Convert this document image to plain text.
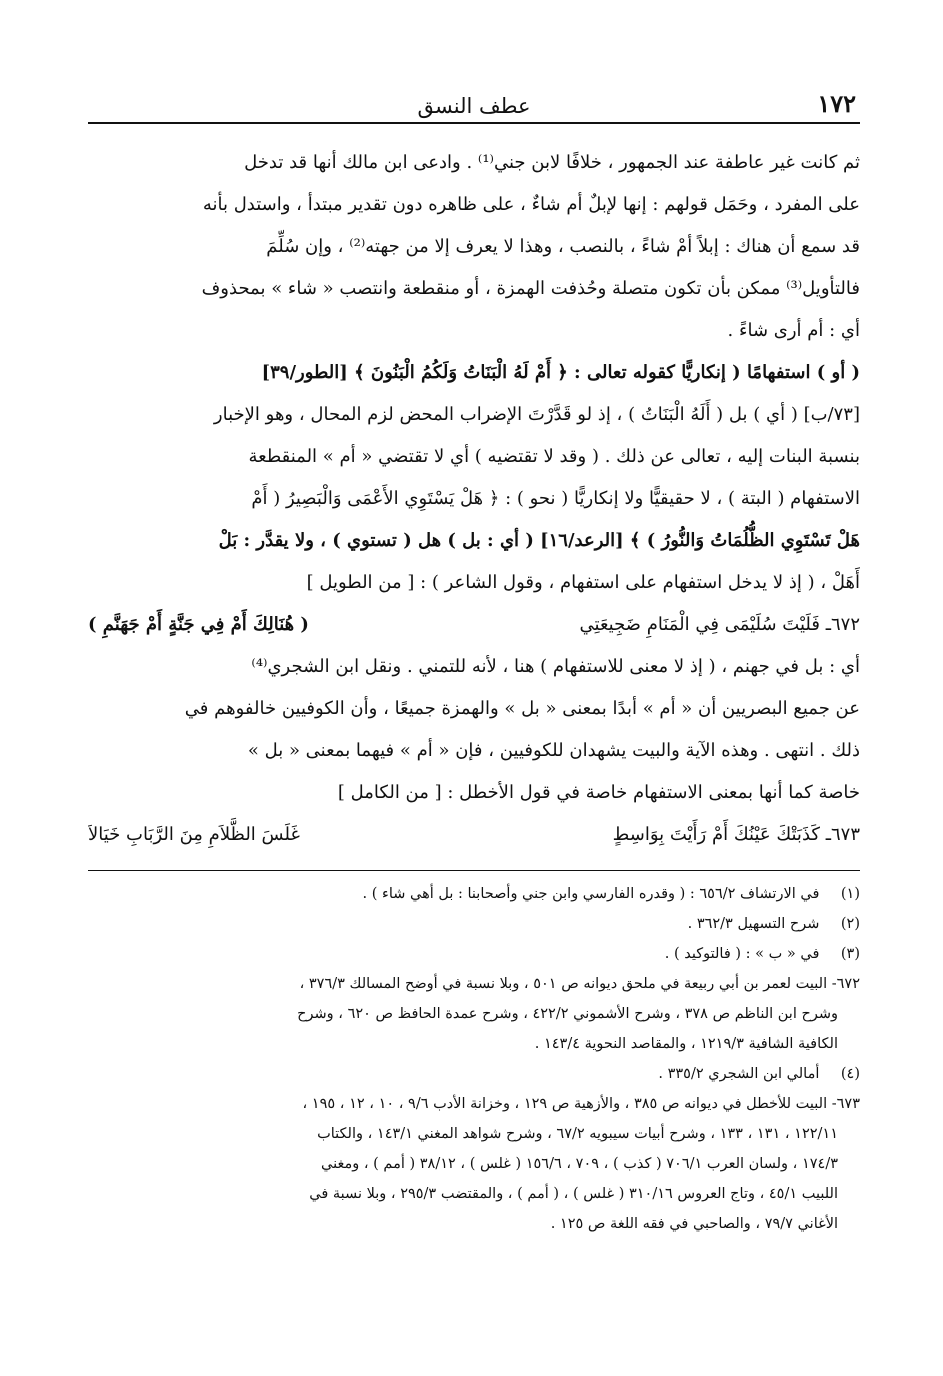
١٧٢
عطف النسق
ثم كانت غير عاطفة عند الجمهور ، خلافًا لابن جني⁽¹⁾ . وادعى ابن مالك أنها قد تدخل
على المفرد ، وحَمَل قولهم : إنها لإبلٌ أم شاءٌ ، على ظاهره دون تقدير مبتدأ ، واستدل بأنه
قد سمع أن هناك : إبلاً أمْ شاءً ، بالنصب ، وهذا لا يعرف إلا من جهته⁽²⁾ ، وإن سُلِّمَ
فالتأويل⁽³⁾ ممكن بأن تكون متصلة وحُذفت الهمزة ، أو منقطعة وانتصب « شاء » بمحذوف
أي : أم أرى شاءً .
( أو ) استفهامًا ( إنكاريًّا كقوله تعالى : ﴿ أَمْ لَهُ الْبَنَاتُ وَلَكُمُ الْبَنُونَ ﴾ [الطور/٣٩]
[٧٣/ب] ( أي ) بل ( أَلَهُ الْبَنَاتُ ) ، إذ لو قَدَّرْتَ الإضراب المحض لزم المحال ، وهو الإخبار
بنسبة البنات إليه ، تعالى عن ذلك . ( وقد لا تقتضيه ) أي لا تقتضي « أم » المنقطعة
الاستفهام ( البتة ) ، لا حقيقيًّا ولا إنكاريًّا ( نحو ) : ﴿ هَلْ يَسْتَوِي الأَعْمَى وَالْبَصِيرُ ( أَمْ
هَلْ تَسْتَوِي الظُّلُمَاتُ وَالنُّورُ ) ﴾ [الرعد/١٦] ( أي : بل ) هل ( تستوي ) ، ولا يقدَّر : بَلْ
أَهَلْ ، ( إذ لا يدخل استفهام على استفهام ، وقول الشاعر ) : [ من الطويل ]
٦٧٢ـ فَلَيْتَ سُلَيْمَى فِي الْمَنَامِ ضَجِيعَتِي
( هُنَالِكَ أَمْ فِي جَنَّةٍ أَمْ جَهَنَّمِ )
أي : بل في جهنم ، ( إذ لا معنى للاستفهام ) هنا ، لأنه للتمني . ونقل ابن الشجري⁽⁴⁾
عن جميع البصريين أن « أم » أبدًا بمعنى « بل » والهمزة جميعًا ، وأن الكوفيين خالفوهم في
ذلك . انتهى . وهذه الآية والبيت يشهدان للكوفيين ، فإن « أم » فيهما بمعنى « بل »
خاصة كما أنها بمعنى الاستفهام خاصة في قول الأخطل : [ من الكامل ]
٦٧٣ـ كَذَبَتْكَ عَيْنُكَ أَمْ رَأَيْتَ بِوَاسِطٍ
غَلَسَ الظَّلاَمِ مِنَ الرَّبَابِ خَيَالاَ
(١) في الارتشاف ٦٥٦/٢ : ( وقدره الفارسي وابن جني وأصحابنا : بل أهي شاء ) .
(٢) شرح التسهيل ٣٦٢/٣ .
(٣) في « ب » : ( فالتوكيد ) .
٦٧٢- البيت لعمر بن أبي ربيعة في ملحق ديوانه ص ٥٠١ ، وبلا نسبة في أوضح المسالك ٣٧٦/٣ ،
وشرح ابن الناظم ص ٣٧٨ ، وشرح الأشموني ٤٢٢/٢ ، وشرح عمدة الحافظ ص ٦٢٠ ، وشرح
الكافية الشافية ١٢١٩/٣ ، والمقاصد النحوية ١٤٣/٤ .
(٤) أمالي ابن الشجري ٣٣٥/٢ .
٦٧٣- البيت للأخطل في ديوانه ص ٣٨٥ ، والأزهية ص ١٢٩ ، وخزانة الأدب ٩/٦ ، ١٠ ، ١٢ ، ١٩٥ ،
١٢٢/١١ ، ١٣١ ، ١٣٣ ، وشرح أبيات سيبويه ٦٧/٢ ، وشرح شواهد المغني ١٤٣/١ ، والكتاب
١٧٤/٣ ، ولسان العرب ٧٠٦/١ ( كذب ) ، ٧٠٩ ، ١٥٦/٦ ( غلس ) ، ٣٨/١٢ ( أمم ) ، ومغني
اللبيب ٤٥/١ ، وتاج العروس ٣١٠/١٦ ( غلس ) ، ( أمم ) ، والمقتضب ٢٩٥/٣ ، وبلا نسبة في
الأغاني ٧٩/٧ ، والصاحبي في فقه اللغة ص ١٢٥ .
